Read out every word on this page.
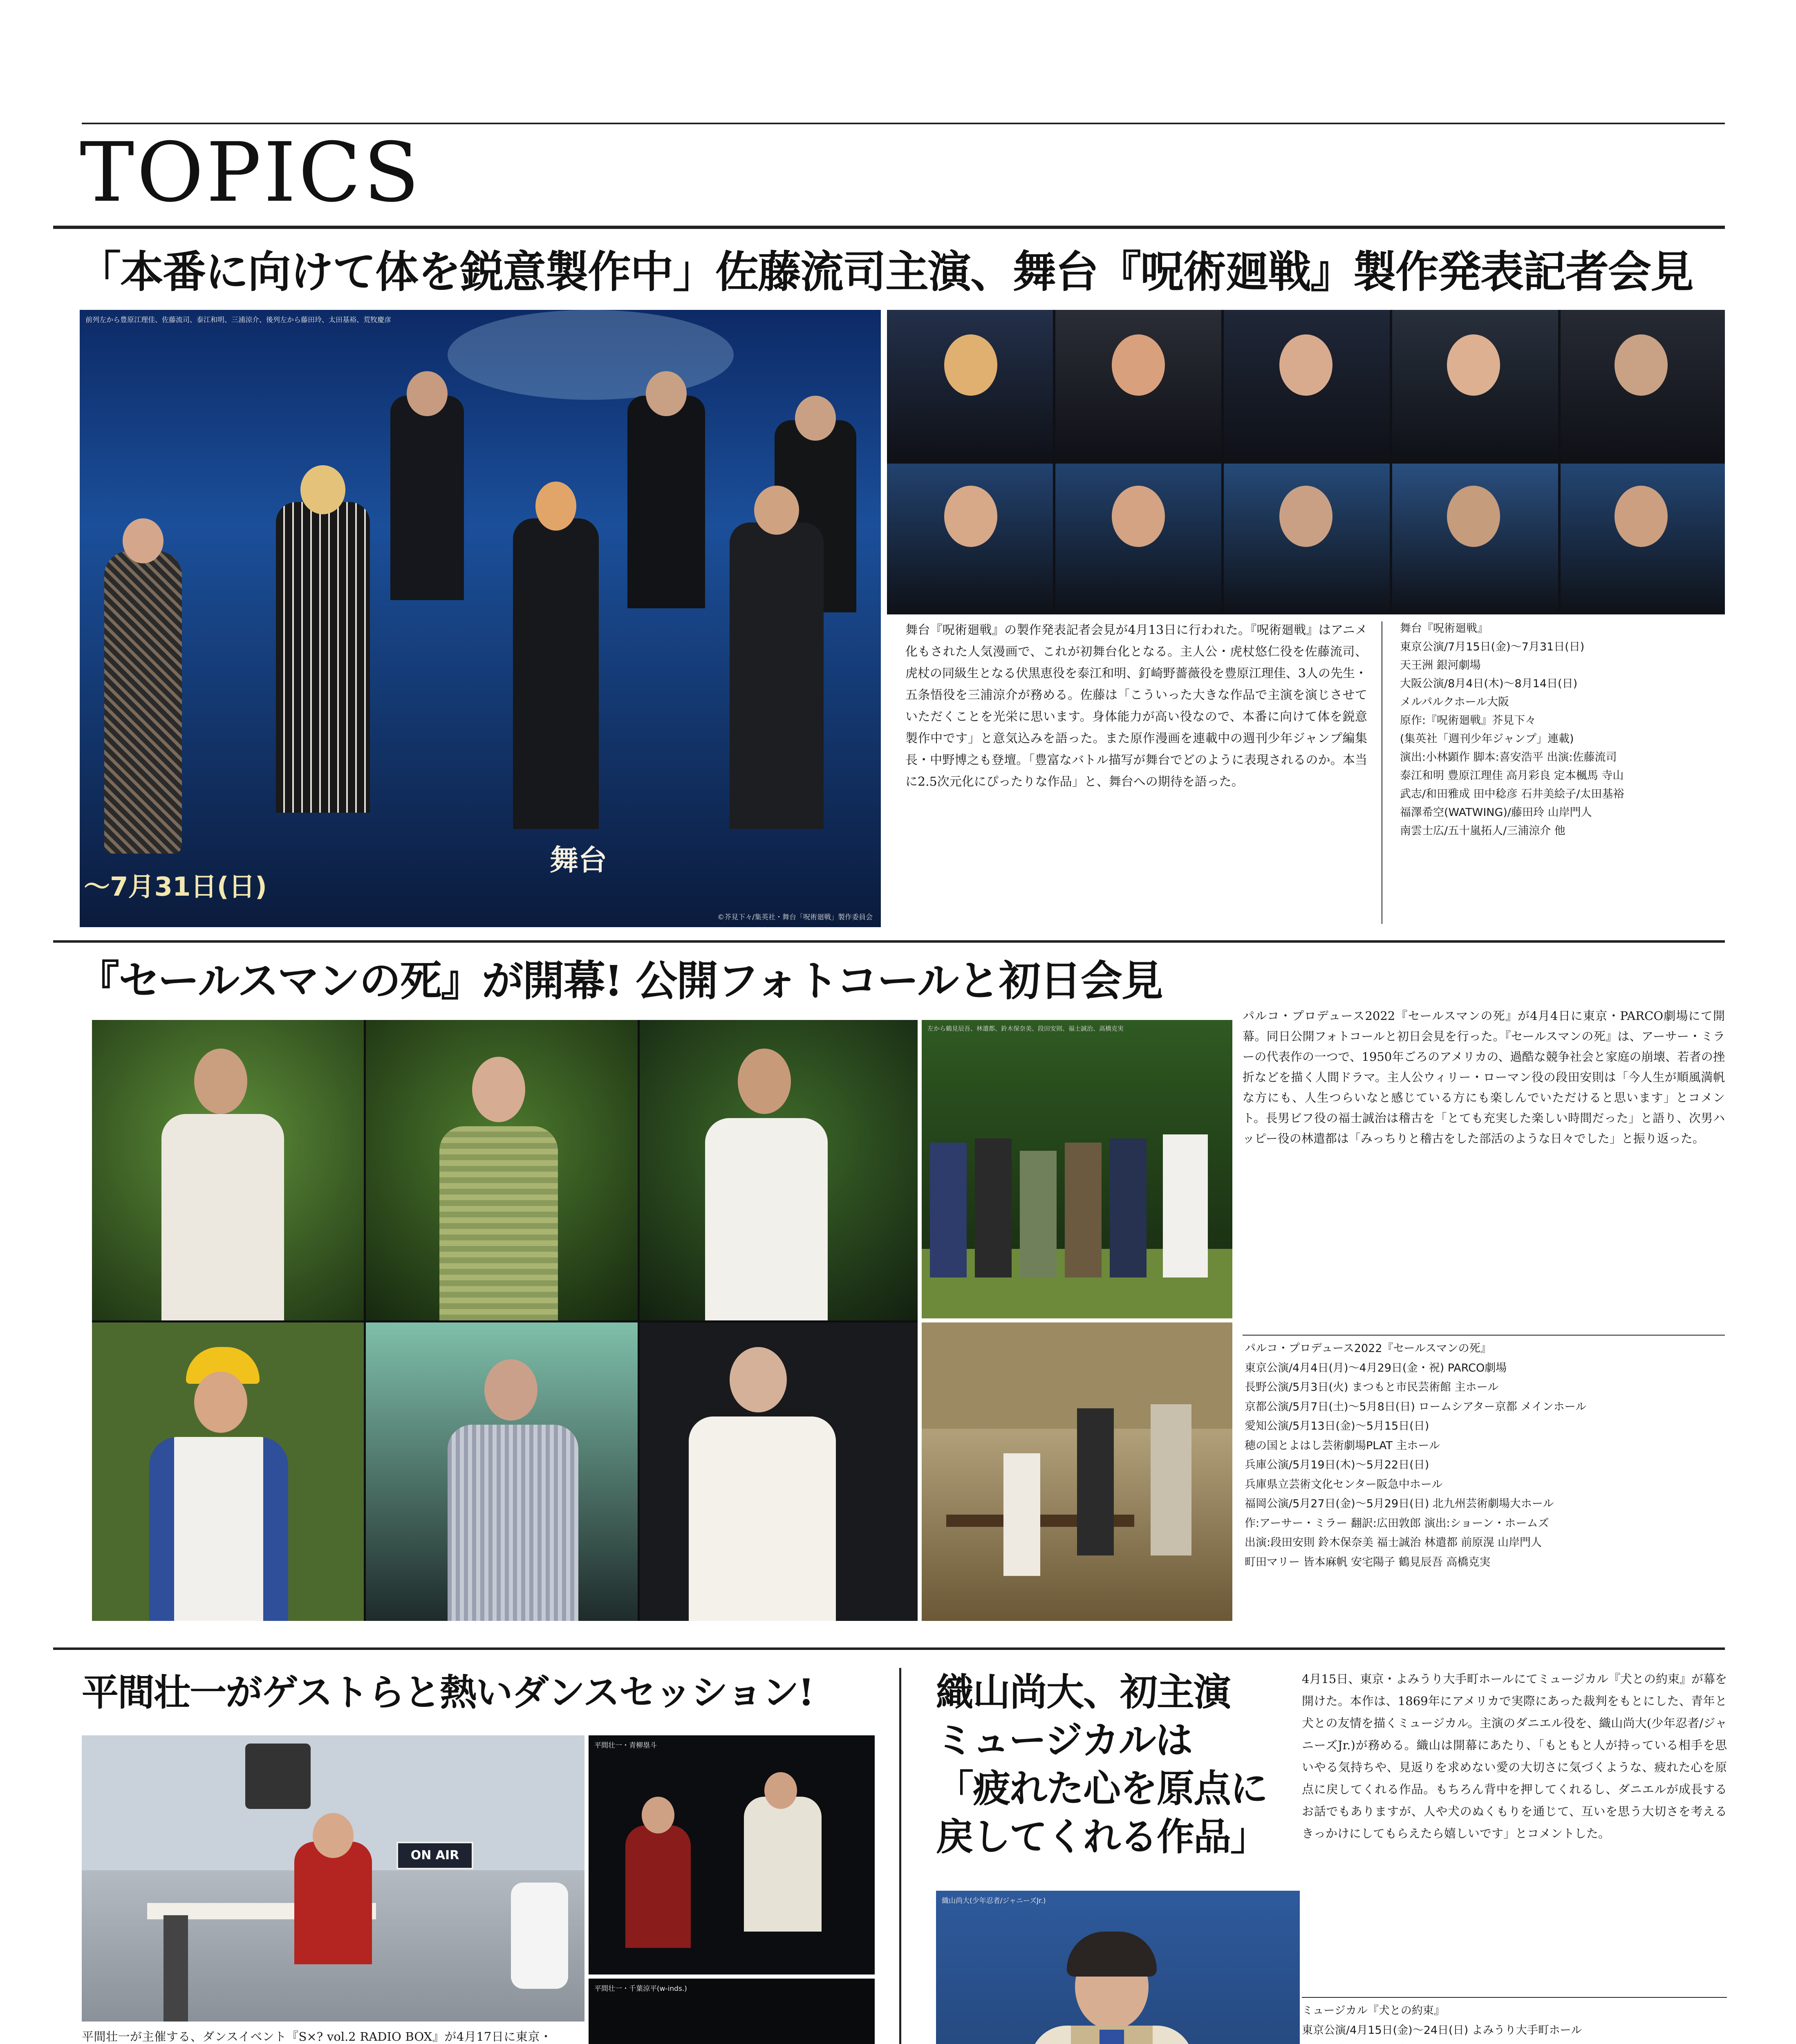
TOPICS
「本番に向けて体を鋭意製作中」佐藤流司主演、舞台『呪術廻戦』製作発表記者会見
前列左から豊原江理佳、佐藤流司、泰江和明、三浦涼介、後列左から藤田玲、太田基裕、荒牧慶彦
舞台
〜7月31日(日)
©芥見下々/集英社・舞台「呪術廻戦」製作委員会
舞台『呪術廻戦』の製作発表記者会見が4月13日に行われた。『呪術廻戦』はアニメ化もされた人気漫画で、これが初舞台化となる。主人公・虎杖悠仁役を佐藤流司、虎杖の同級生となる伏黒恵役を泰江和明、釘崎野薔薇役を豊原江理佳、3人の先生・五条悟役を三浦涼介が務める。佐藤は「こういった大きな作品で主演を演じさせていただくことを光栄に思います。身体能力が高い役なので、本番に向けて体を鋭意製作中です」と意気込みを語った。また原作漫画を連載中の週刊少年ジャンプ編集長・中野博之も登壇。「豊富なバトル描写が舞台でどのように表現されるのか。本当に2.5次元化にぴったりな作品」と、舞台への期待を語った。
舞台『呪術廻戦』
東京公演/7月15日(金)〜7月31日(日)
天王洲 銀河劇場
大阪公演/8月4日(木)〜8月14日(日)
メルパルクホール大阪
原作:『呪術廻戦』芥見下々
(集英社「週刊少年ジャンプ」連載)
演出:小林顕作 脚本:喜安浩平 出演:佐藤流司
泰江和明 豊原江理佳 高月彩良 定本楓馬 寺山
武志/和田雅成 田中稔彦 石井美絵子/太田基裕
福澤希空(WATWING)/藤田玲 山岸門人
南雲士広/五十嵐拓人/三浦涼介 他
『セールスマンの死』が開幕! 公開フォトコールと初日会見
左から鶴見辰吾、林遣都、鈴木保奈美、段田安則、福士誠治、高橋克実
パルコ・プロデュース2022『セールスマンの死』が4月4日に東京・PARCO劇場にて開幕。同日公開フォトコールと初日会見を行った。『セールスマンの死』は、アーサー・ミラーの代表作の一つで、1950年ごろのアメリカの、過酷な競争社会と家庭の崩壊、若者の挫折などを描く人間ドラマ。主人公ウィリー・ローマン役の段田安則は「今人生が順風満帆な方にも、人生つらいなと感じている方にも楽しんでいただけると思います」とコメント。長男ビフ役の福士誠治は稽古を「とても充実した楽しい時間だった」と語り、次男ハッピー役の林遣都は「みっちりと稽古をした部活のような日々でした」と振り返った。
パルコ・プロデュース2022『セールスマンの死』
東京公演/4月4日(月)〜4月29日(金・祝) PARCO劇場
長野公演/5月3日(火) まつもと市民芸術館 主ホール
京都公演/5月7日(土)〜5月8日(日) ロームシアター京都 メインホール
愛知公演/5月13日(金)〜5月15日(日)
穂の国とよはし芸術劇場PLAT 主ホール
兵庫公演/5月19日(木)〜5月22日(日)
兵庫県立芸術文化センター阪急中ホール
福岡公演/5月27日(金)〜5月29日(日) 北九州芸術劇場大ホール
作:アーサー・ミラー 翻訳:広田敦郎 演出:ショーン・ホームズ
出演:段田安則 鈴木保奈美 福士誠治 林遣都 前原滉 山岸門人
町田マリー 皆本麻帆 安宅陽子 鶴見辰吾 高橋克実
平間壮一がゲストらと熱いダンスセッション!
ON AIR
平間壮一・青柳塁斗
平間壮一・千葉涼平(w-inds.)
平間壮一が主催する、ダンスイベント『S×? vol.2 RADIO BOX』が4月17日に東京・
織山尚大、初主演
ミュージカルは
「疲れた心を原点に
戻してくれる作品」
織山尚大(少年忍者/ジャニーズJr.)
4月15日、東京・よみうり大手町ホールにてミュージカル『犬との約束』が幕を開けた。本作は、1869年にアメリカで実際にあった裁判をもとにした、青年と犬との友情を描くミュージカル。主演のダニエル役を、織山尚大(少年忍者/ジャニーズJr.)が務める。織山は開幕にあたり、「もともと人が持っている相手を思いやる気持ちや、見返りを求めない愛の大切さに気づくような、疲れた心を原点に戻してくれる作品。もちろん背中を押してくれるし、ダニエルが成長するお話でもありますが、人や犬のぬくもりを通じて、互いを思う大切さを考えるきっかけにしてもらえたら嬉しいです」とコメントした。
ミュージカル『犬との約束』
東京公演/4月15日(金)〜24日(日) よみうり大手町ホール
